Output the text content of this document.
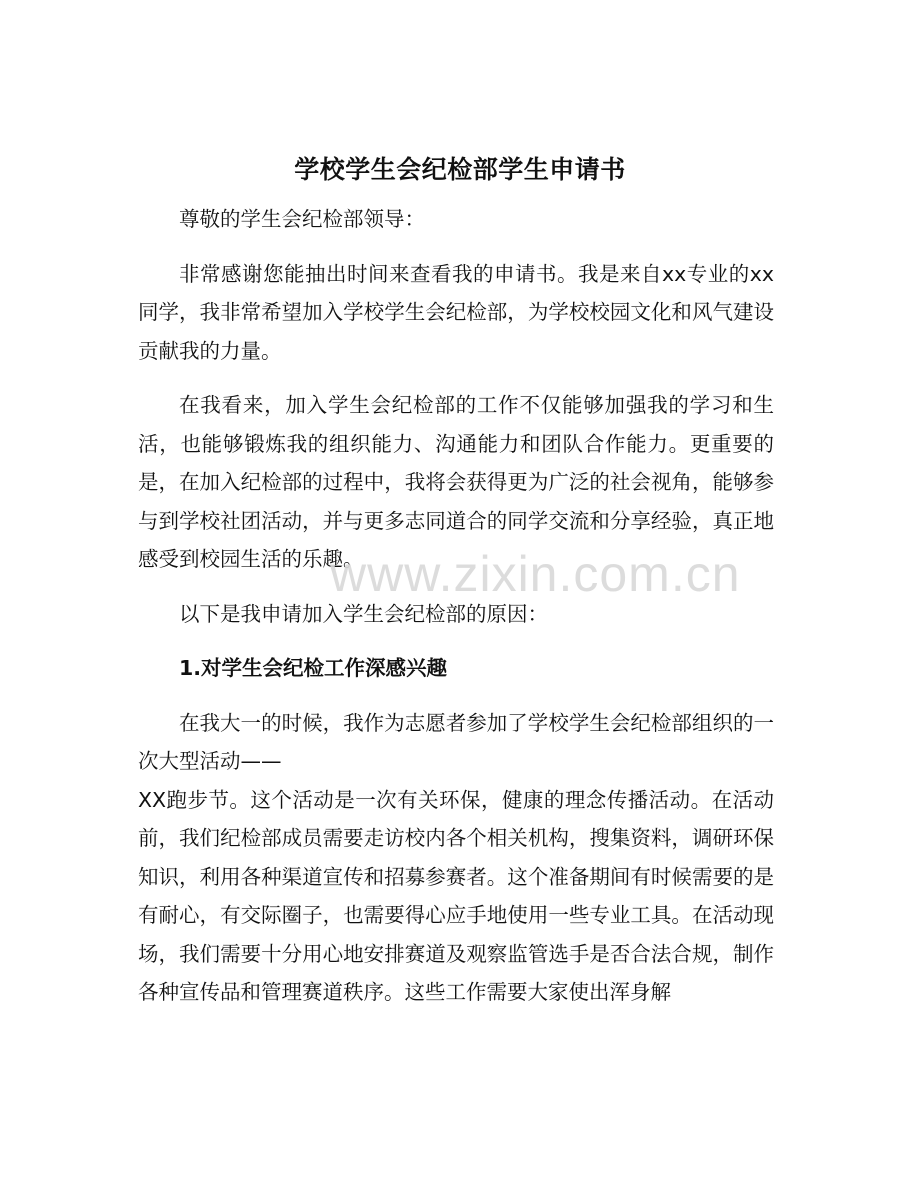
学校学生会纪检部学生申请书

尊敬的学生会纪检部领导：

非常感谢您能抽出时间来查看我的申请书。我是来自xx专业的xx同学，我非常希望加入学校学生会纪检部，为学校校园文化和风气建设贡献我的力量。

在我看来，加入学生会纪检部的工作不仅能够加强我的学习和生活，也能够锻炼我的组织能力、沟通能力和团队合作能力。更重要的是，在加入纪检部的过程中，我将会获得更为广泛的社会视角，能够参与到学校社团活动，并与更多志同道合的同学交流和分享经验，真正地感受到校园生活的乐趣。

以下是我申请加入学生会纪检部的原因：

1.对学生会纪检工作深感兴趣

在我大一的时候，我作为志愿者参加了学校学生会纪检部组织的一次大型活动——

XX跑步节。这个活动是一次有关环保，健康的理念传播活动。在活动前，我们纪检部成员需要走访校内各个相关机构，搜集资料，调研环保知识，利用各种渠道宣传和招募参赛者。这个准备期间有时候需要的是有耐心，有交际圈子，也需要得心应手地使用一些专业工具。在活动现场，我们需要十分用心地安排赛道及观察监管选手是否合法合规，制作各种宣传品和管理赛道秩序。这些工作需要大家使出浑身解

www.zixin.com.cn
